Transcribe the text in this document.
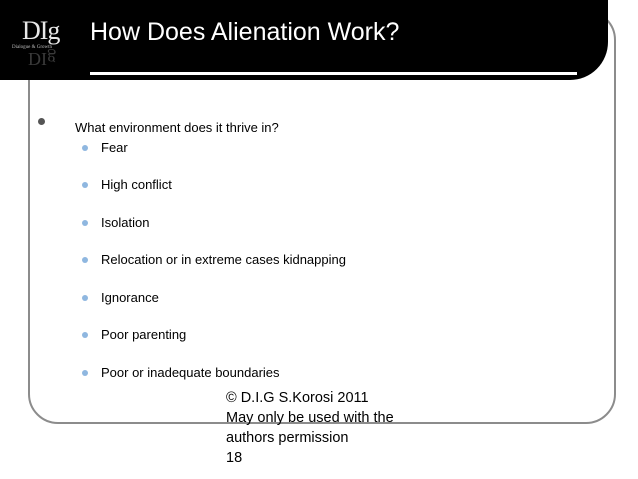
DIg
Dialogue & Growth
DIg
How Does Alienation Work?
What environment does it thrive in?
Fear
High conflict
Isolation
Relocation or in extreme cases kidnapping
Ignorance
Poor parenting
Poor or inadequate boundaries
© D.I.G S.Korosi 2011
May only be used with the
authors permission
18
